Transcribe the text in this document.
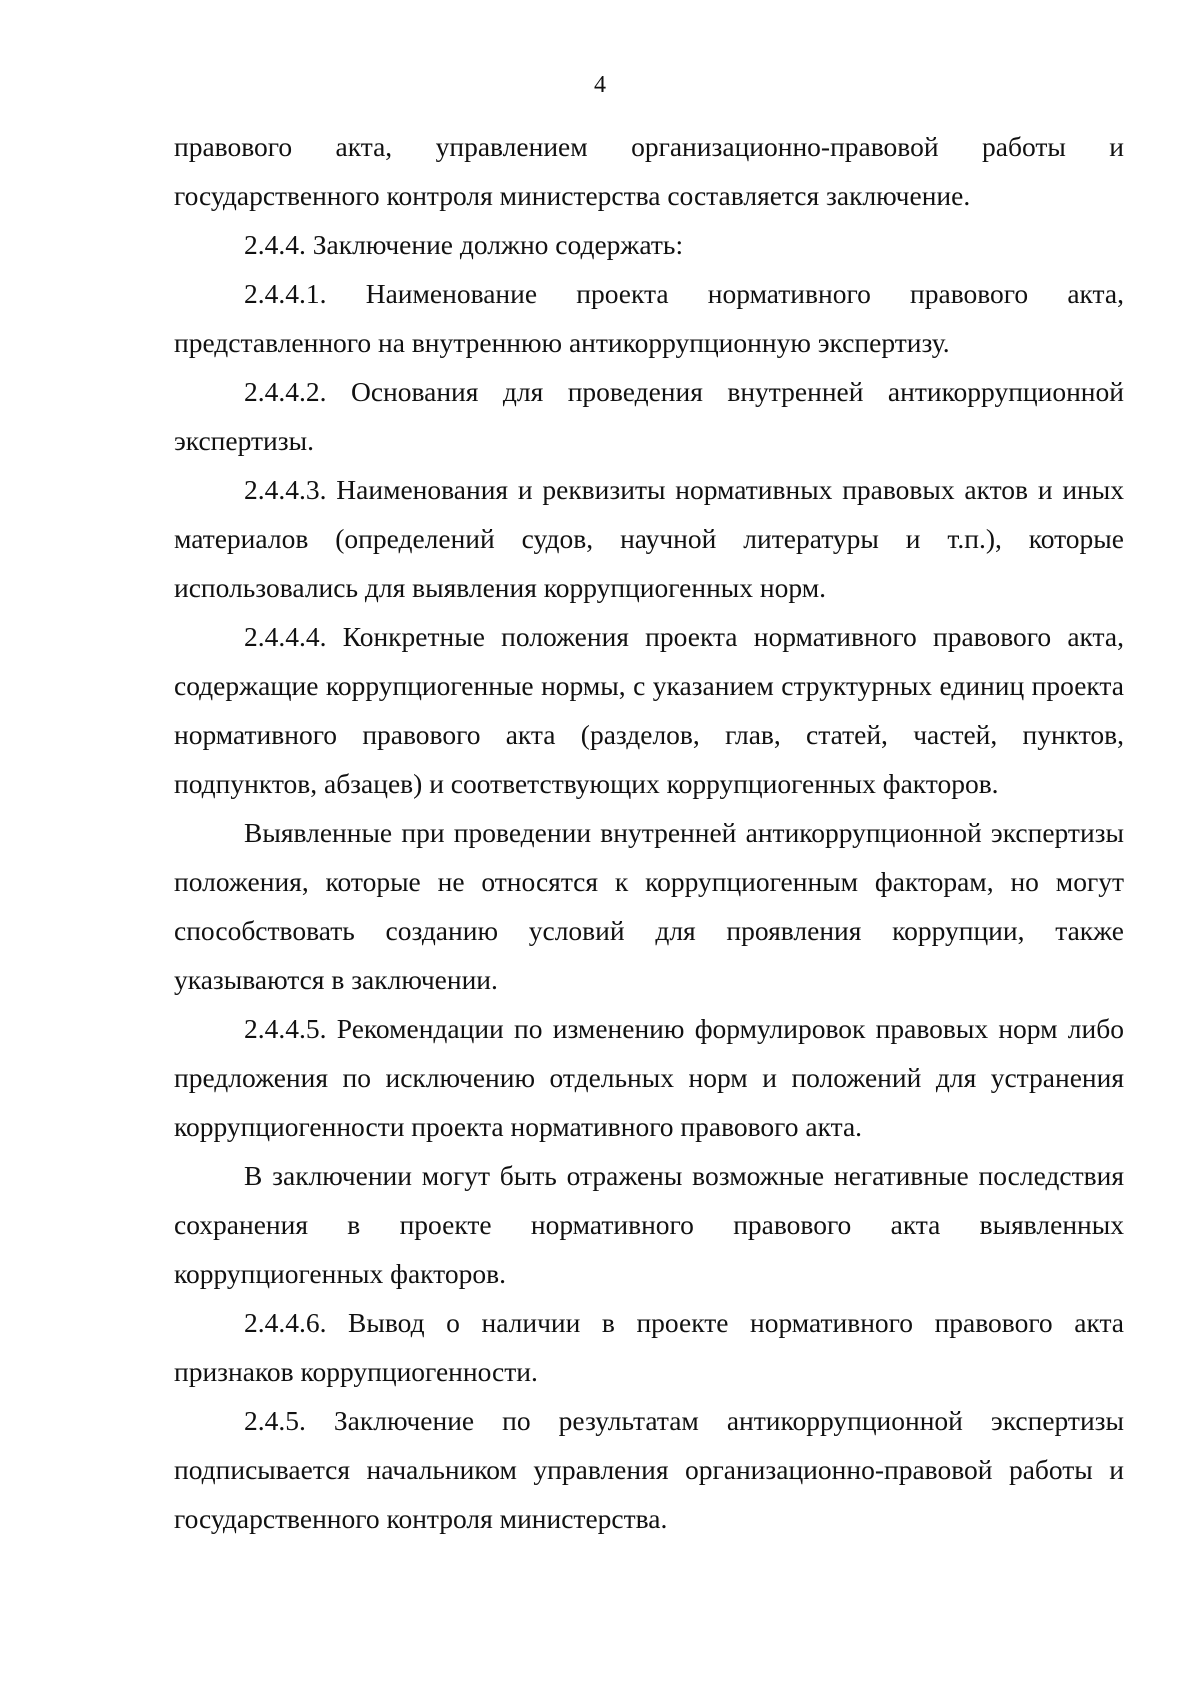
4

правового акта, управлением организационно-правовой работы и государственного контроля министерства составляется заключение.

2.4.4. Заключение должно содержать:

2.4.4.1. Наименование проекта нормативного правового акта, представленного на внутреннюю антикоррупционную экспертизу.

2.4.4.2. Основания для проведения внутренней антикоррупционной экспертизы.

2.4.4.3. Наименования и реквизиты нормативных правовых актов и иных материалов (определений судов, научной литературы и т.п.), которые использовались для выявления коррупциогенных норм.

2.4.4.4. Конкретные положения проекта нормативного правового акта, содержащие коррупциогенные нормы, с указанием структурных единиц проекта нормативного правового акта (разделов, глав, статей, частей, пунктов, подпунктов, абзацев) и соответствующих коррупциогенных факторов.

Выявленные при проведении внутренней антикоррупционной экспертизы положения, которые не относятся к коррупциогенным факторам, но могут способствовать созданию условий для проявления коррупции, также указываются в заключении.

2.4.4.5. Рекомендации по изменению формулировок правовых норм либо предложения по исключению отдельных норм и положений для устранения коррупциогенности проекта нормативного правового акта.

В заключении могут быть отражены возможные негативные последствия сохранения в проекте нормативного правового акта выявленных коррупциогенных факторов.

2.4.4.6. Вывод о наличии в проекте нормативного правового акта признаков коррупциогенности.

2.4.5. Заключение по результатам антикоррупционной экспертизы подписывается начальником управления организационно-правовой работы и государственного контроля министерства.
